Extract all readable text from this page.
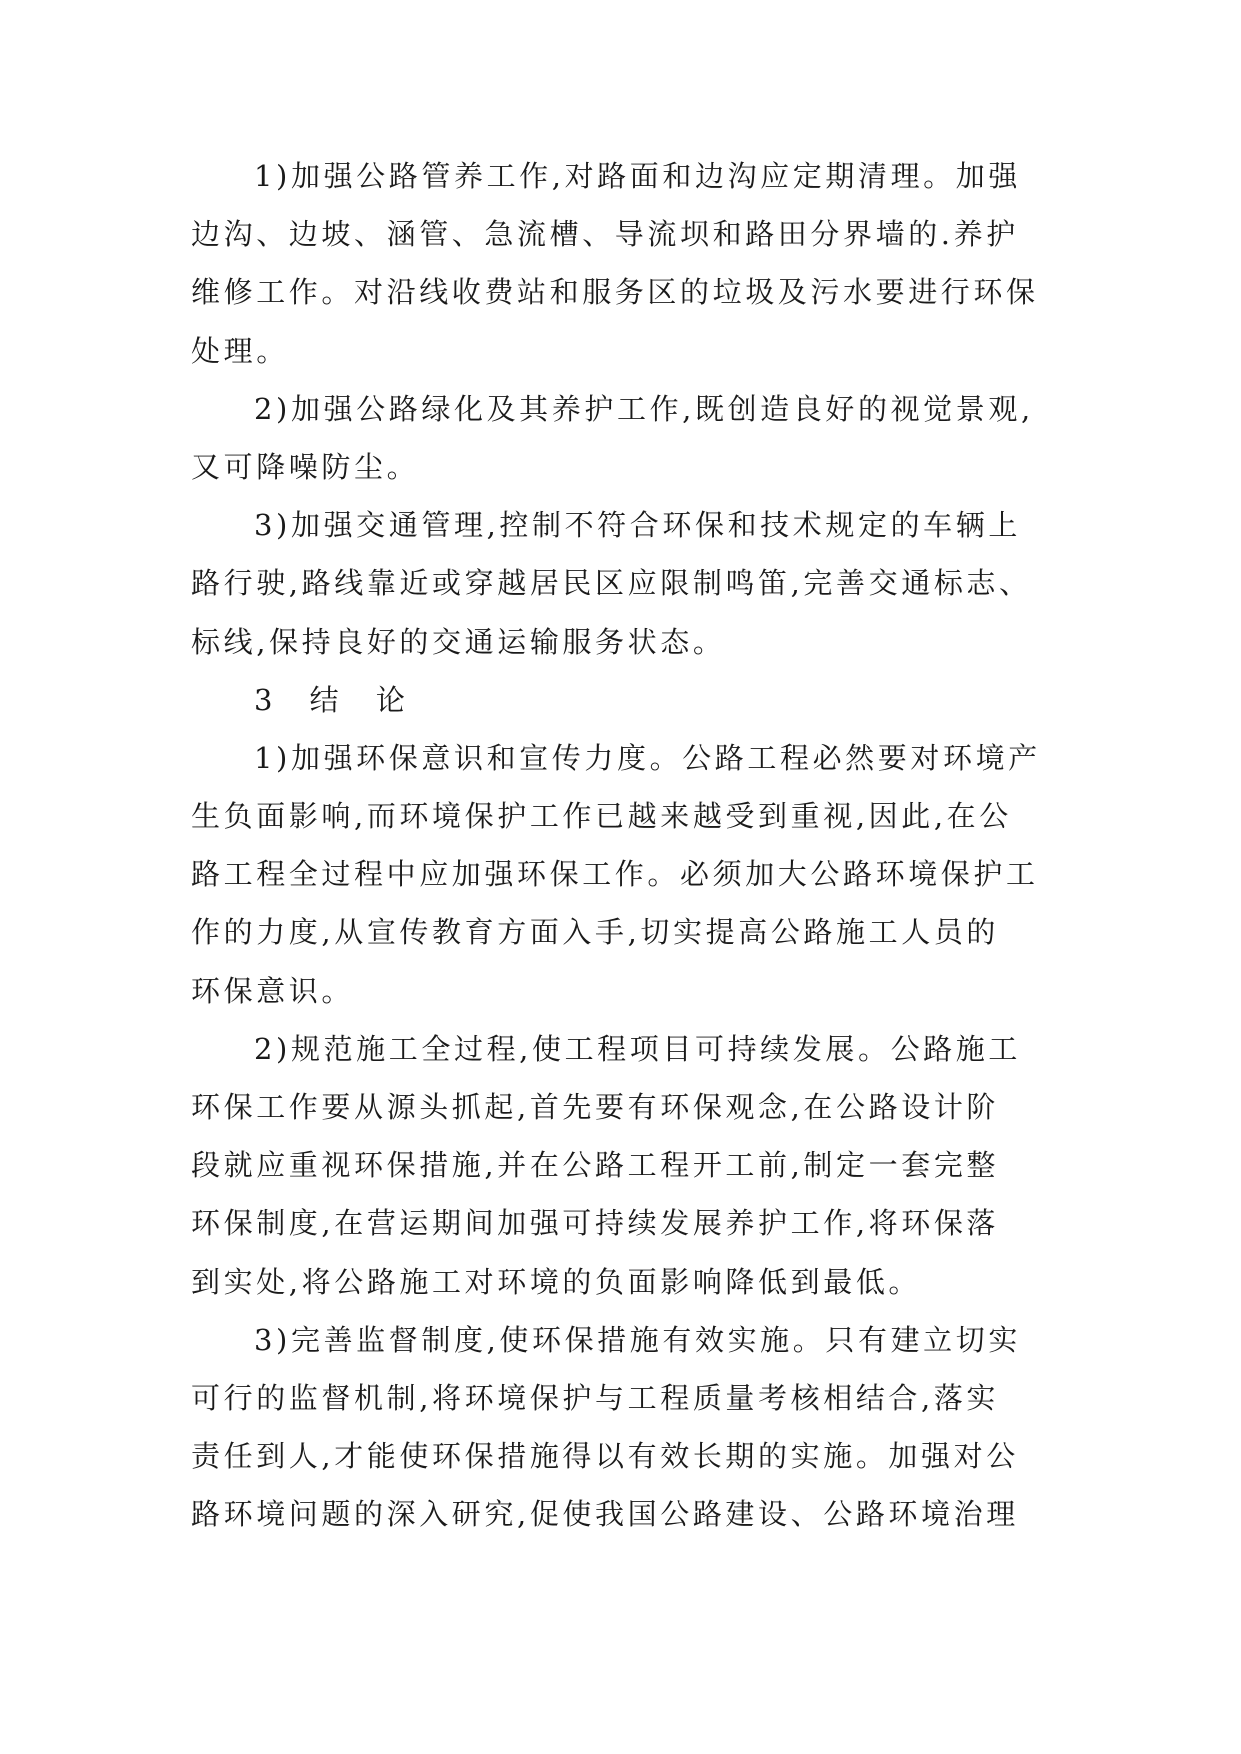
1)加强公路管养工作,对路面和边沟应定期清理。加强
边沟、边坡、涵管、急流槽、导流坝和路田分界墙的.养护
维修工作。对沿线收费站和服务区的垃圾及污水要进行环保
处理。
2)加强公路绿化及其养护工作,既创造良好的视觉景观,
又可降噪防尘。
3)加强交通管理,控制不符合环保和技术规定的车辆上
路行驶,路线靠近或穿越居民区应限制鸣笛,完善交通标志、
标线,保持良好的交通运输服务状态。
3 结 论
1)加强环保意识和宣传力度。公路工程必然要对环境产
生负面影响,而环境保护工作已越来越受到重视,因此,在公
路工程全过程中应加强环保工作。必须加大公路环境保护工
作的力度,从宣传教育方面入手,切实提高公路施工人员的
环保意识。
2)规范施工全过程,使工程项目可持续发展。公路施工
环保工作要从源头抓起,首先要有环保观念,在公路设计阶
段就应重视环保措施,并在公路工程开工前,制定一套完整
环保制度,在营运期间加强可持续发展养护工作,将环保落
到实处,将公路施工对环境的负面影响降低到最低。
3)完善监督制度,使环保措施有效实施。只有建立切实
可行的监督机制,将环境保护与工程质量考核相结合,落实
责任到人,才能使环保措施得以有效长期的实施。加强对公
路环境问题的深入研究,促使我国公路建设、公路环境治理
